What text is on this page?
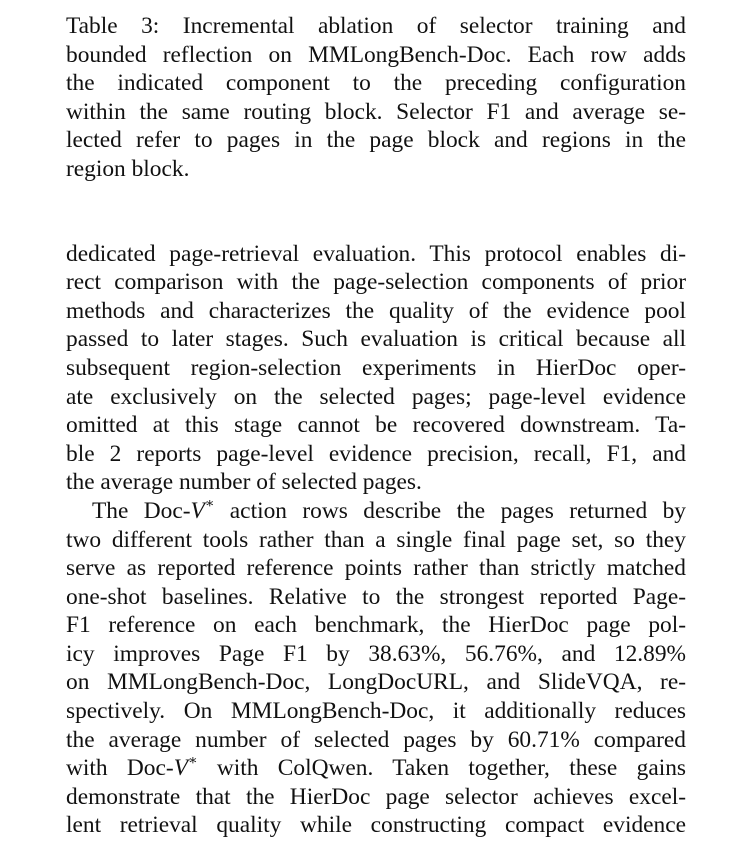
Table 3: Incremental ablation of selector training and
bounded reflection on MMLongBench-Doc. Each row adds
the indicated component to the preceding configuration
within the same routing block. Selector F1 and average se-
lected refer to pages in the page block and regions in the
region block.
dedicated page-retrieval evaluation. This protocol enables di-
rect comparison with the page-selection components of prior
methods and characterizes the quality of the evidence pool
passed to later stages. Such evaluation is critical because all
subsequent region-selection experiments in HierDoc oper-
ate exclusively on the selected pages; page-level evidence
omitted at this stage cannot be recovered downstream. Ta-
ble 2 reports page-level evidence precision, recall, F1, and
the average number of selected pages.
The Doc-V∗ action rows describe the pages returned by
two different tools rather than a single final page set, so they
serve as reported reference points rather than strictly matched
one-shot baselines. Relative to the strongest reported Page-
F1 reference on each benchmark, the HierDoc page pol-
icy improves Page F1 by 38.63%, 56.76%, and 12.89%
on MMLongBench-Doc, LongDocURL, and SlideVQA, re-
spectively. On MMLongBench-Doc, it additionally reduces
the average number of selected pages by 60.71% compared
with Doc-V∗ with ColQwen. Taken together, these gains
demonstrate that the HierDoc page selector achieves excel-
lent retrieval quality while constructing compact evidence
